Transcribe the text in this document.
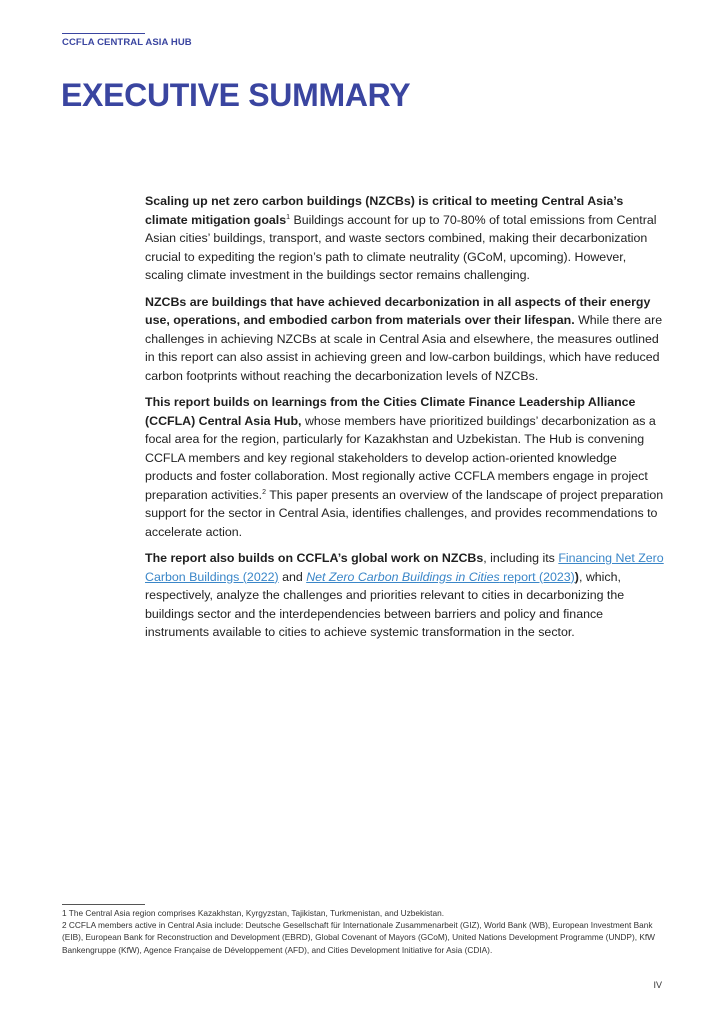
CCFLA CENTRAL ASIA HUB
EXECUTIVE SUMMARY

Scaling up net zero carbon buildings (NZCBs) is critical to meeting Central Asia’s climate mitigation goals$^1$ Buildings account for up to 70-80% of total emissions from Central Asian cities’ buildings, transport, and waste sectors combined, making their decarbonization crucial to expediting the region’s path to climate neutrality (GCoM, upcoming). However, scaling climate investment in the buildings sector remains challenging.

NZCBs are buildings that have achieved decarbonization in all aspects of their energy use, operations, and embodied carbon from materials over their lifespan. While there are challenges in achieving NZCBs at scale in Central Asia and elsewhere, the measures outlined in this report can also assist in achieving green and low-carbon buildings, which have reduced carbon footprints without reaching the decarbonization levels of NZCBs.

This report builds on learnings from the Cities Climate Finance Leadership Alliance (CCFLA) Central Asia Hub, whose members have prioritized buildings’ decarbonization as a focal area for the region, particularly for Kazakhstan and Uzbekistan. The Hub is convening CCFLA members and key regional stakeholders to develop action-oriented knowledge products and foster collaboration. Most regionally active CCFLA members engage in project preparation activities.$^2$ This paper presents an overview of the landscape of project preparation support for the sector in Central Asia, identifies challenges, and provides recommendations to accelerate action.

The report also builds on CCFLA’s global work on NZCBs, including its Financing Net Zero Carbon Buildings (2022) and Net Zero Carbon Buildings in Cities report (2023)), which, respectively, analyze the challenges and priorities relevant to cities in decarbonizing the buildings sector and the interdependencies between barriers and policy and finance instruments available to cities to achieve systemic transformation in the sector.

1 The Central Asia region comprises Kazakhstan, Kyrgyzstan, Tajikistan, Turkmenistan, and Uzbekistan.

2 CCFLA members active in Central Asia include: Deutsche Gesellschaft für Internationale Zusammenarbeit (GIZ), World Bank (WB), European Investment Bank (EIB), European Bank for Reconstruction and Development (EBRD), Global Covenant of Mayors (GCoM), United Nations Development Programme (UNDP), KfW Bankengruppe (KfW), Agence Française de Développement (AFD), and Cities Development Initiative for Asia (CDIA).

IV
